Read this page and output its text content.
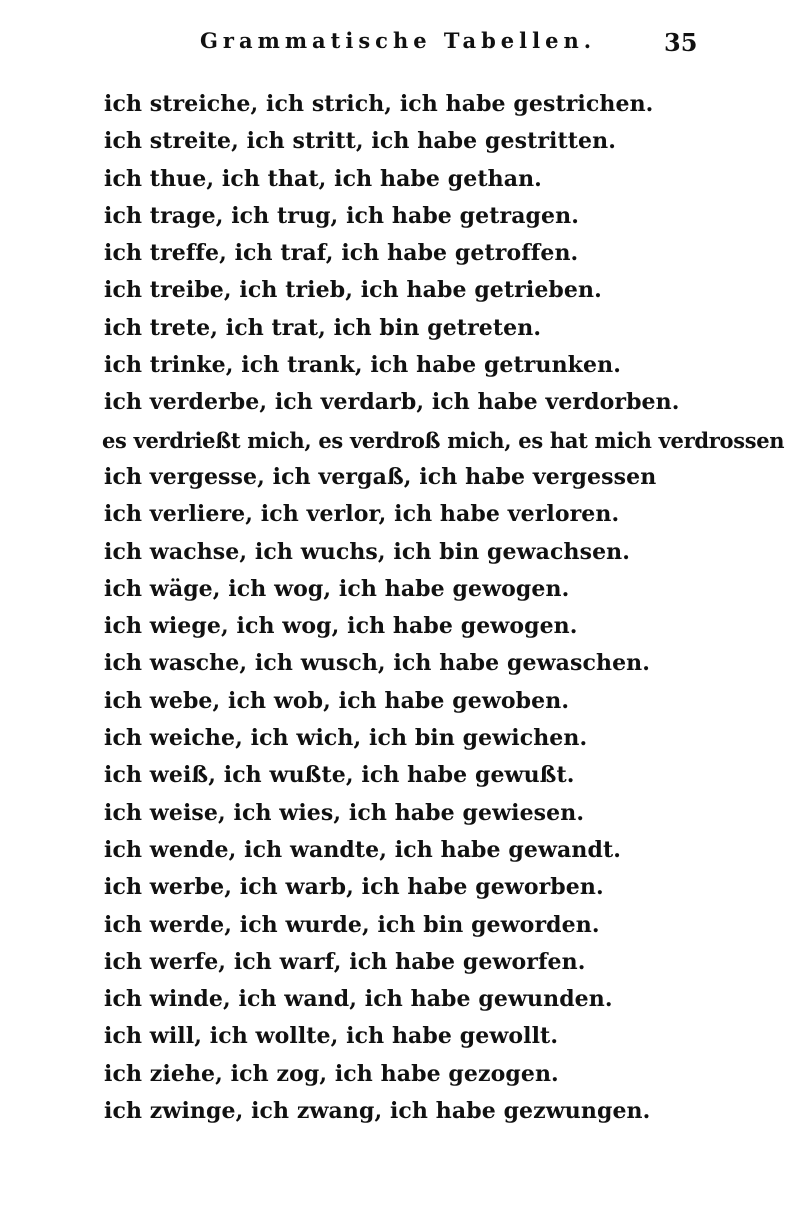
Grammatische Tabellen.	35
ich streiche, ich strich, ich habe gestrichen.
ich streite, ich stritt, ich habe gestritten.
ich thue, ich that, ich habe gethan.
ich trage, ich trug, ich habe getragen.
ich treffe, ich traf, ich habe getroffen.
ich treibe, ich trieb, ich habe getrieben.
ich trete, ich trat, ich bin getreten.
ich trinke, ich trank, ich habe getrunken.
ich verderbe, ich verdarb, ich habe verdorben.
es verdrießt mich, es verdroß mich, es hat mich verdrossen
ich vergesse, ich vergaß, ich habe vergessen
ich verliere, ich verlor, ich habe verloren.
ich wachse, ich wuchs, ich bin gewachsen.
ich wäge, ich wog, ich habe gewogen.
ich wiege, ich wog, ich habe gewogen.
ich wasche, ich wusch, ich habe gewaschen.
ich webe, ich wob, ich habe gewoben.
ich weiche, ich wich, ich bin gewichen.
ich weiß, ich wußte, ich habe gewußt.
ich weise, ich wies, ich habe gewiesen.
ich wende, ich wandte, ich habe gewandt.
ich werbe, ich warb, ich habe geworben.
ich werde, ich wurde, ich bin geworden.
ich werfe, ich warf, ich habe geworfen.
ich winde, ich wand, ich habe gewunden.
ich will, ich wollte, ich habe gewollt.
ich ziehe, ich zog, ich habe gezogen.
ich zwinge, ich zwang, ich habe gezwungen.
